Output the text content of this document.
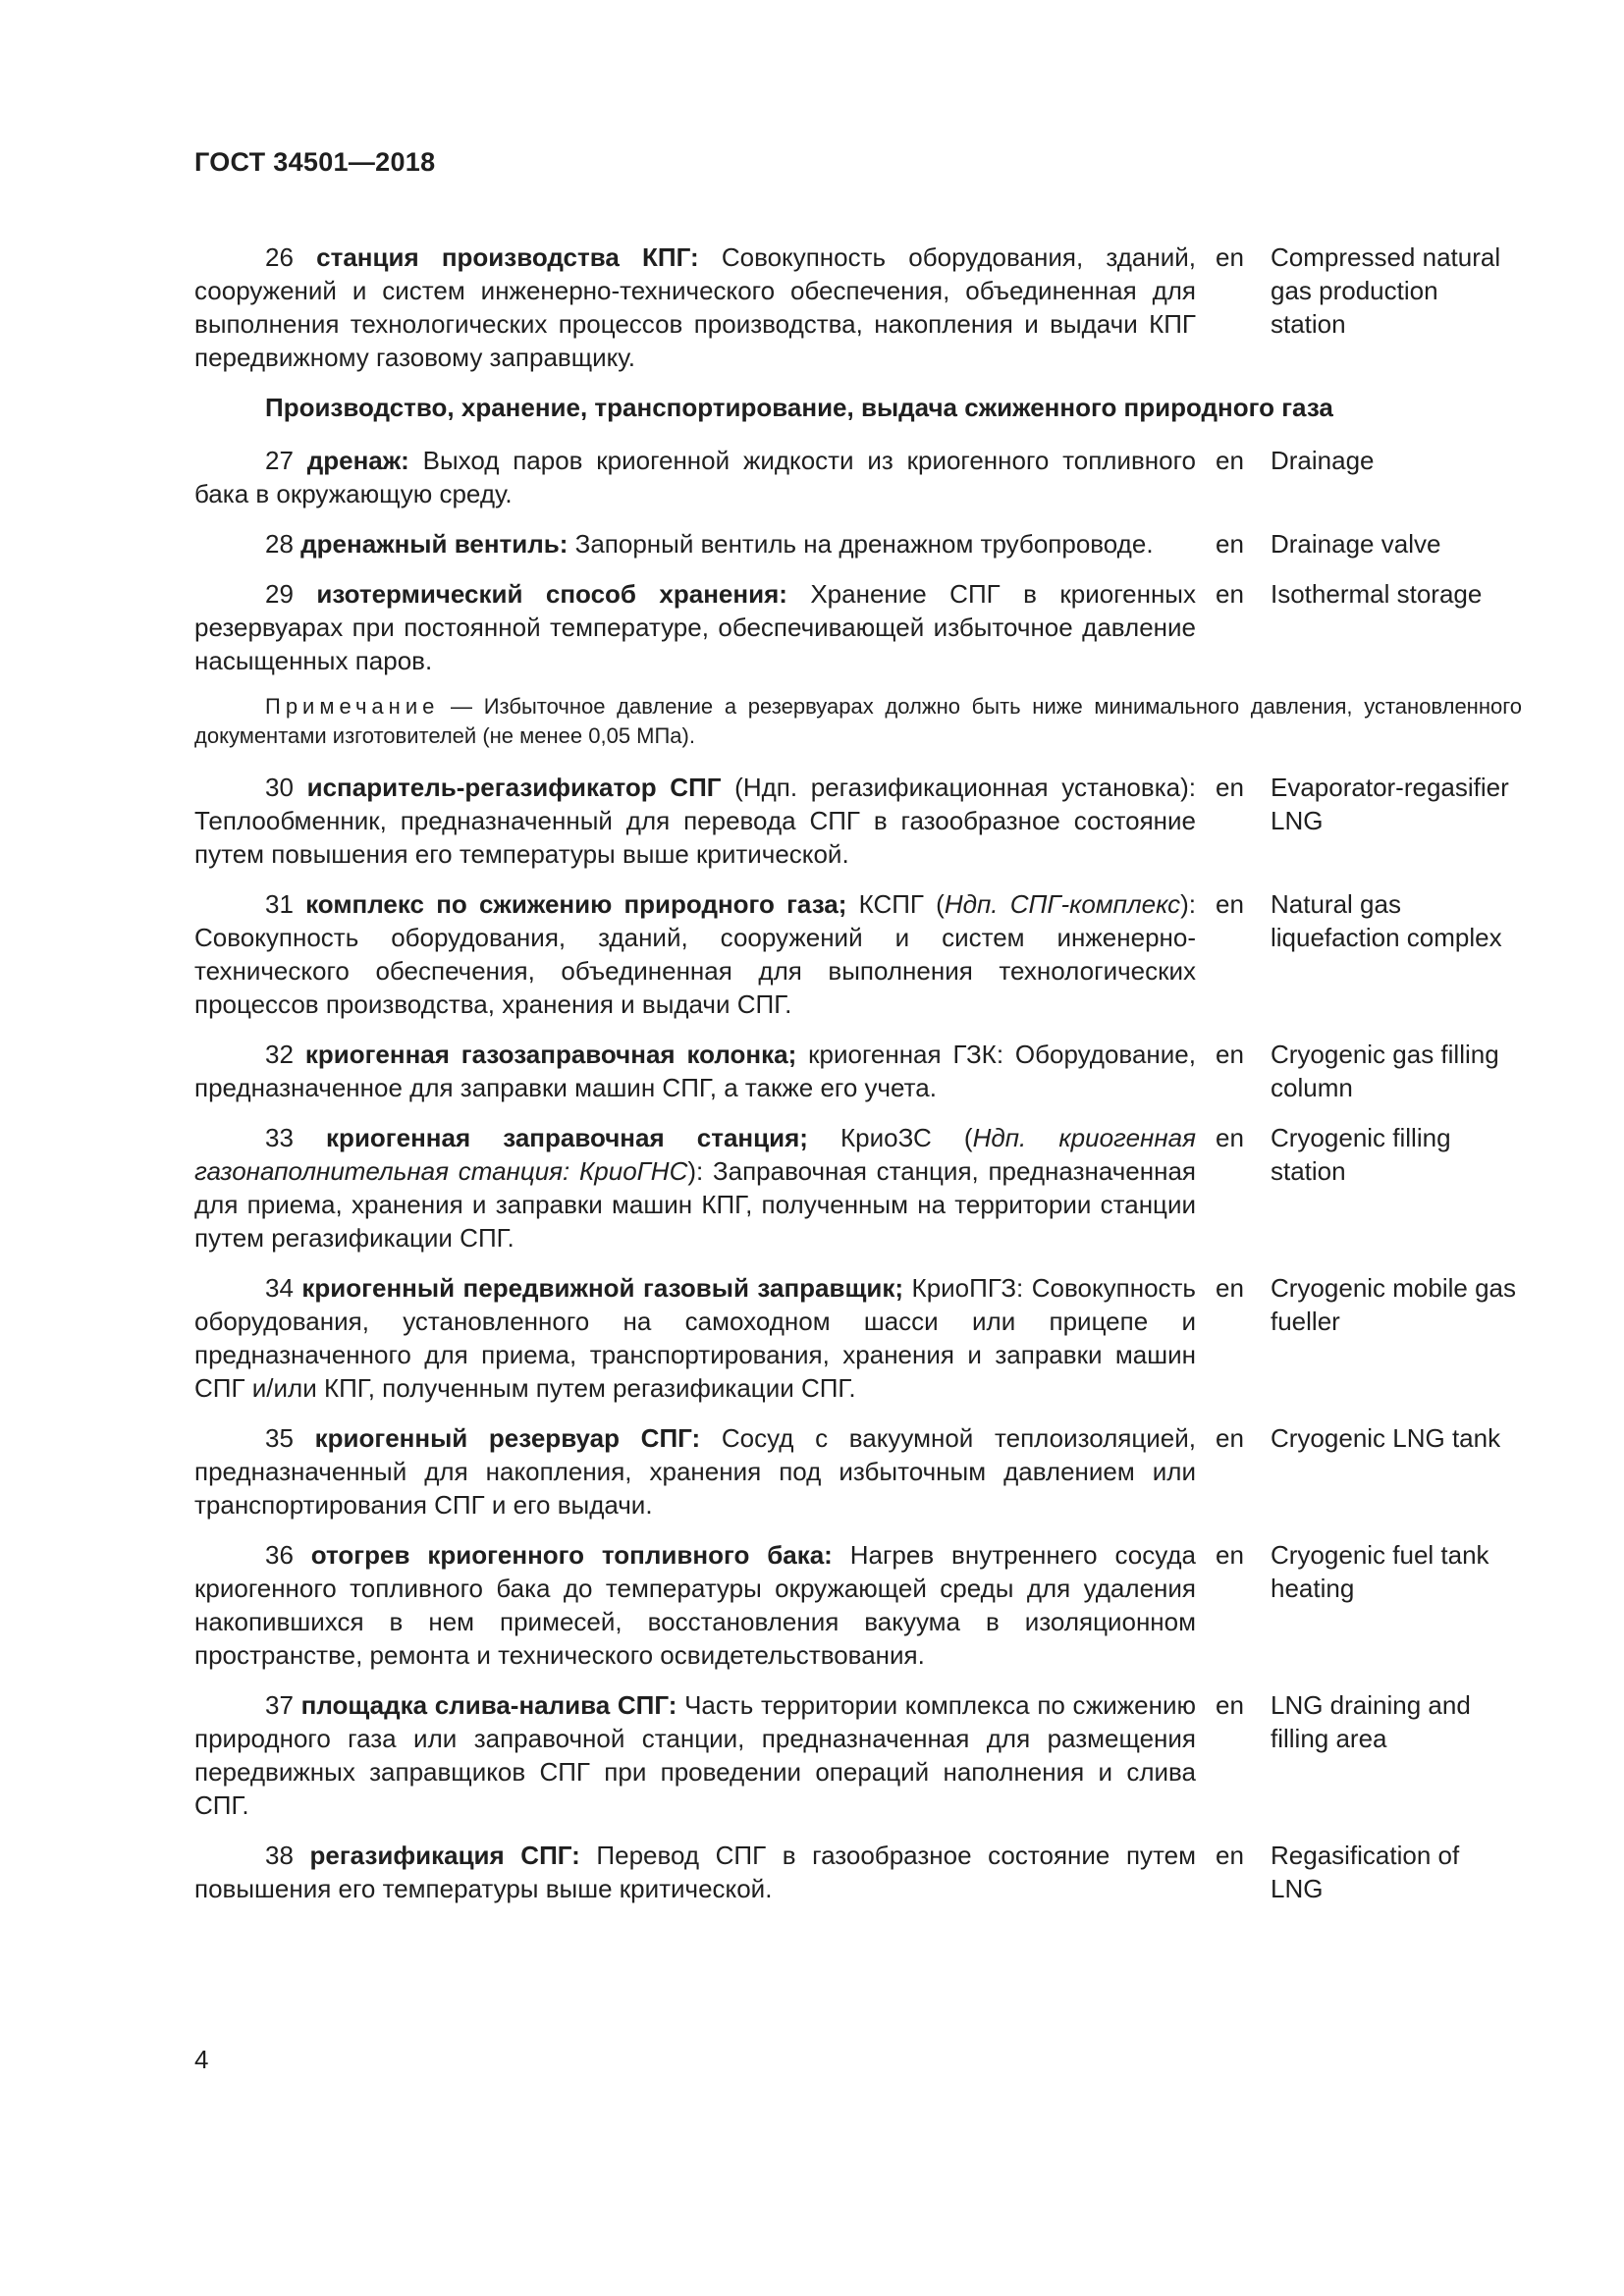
ГОСТ 34501—2018
26 станция производства КПГ: Совокупность оборудования, зданий, сооружений и систем инженерно-технического обеспечения, объединенная для выполнения технологических процессов производства, накопления и выдачи КПГ передвижному газовому заправщику.
en	Compressed natural gas production station
Производство, хранение, транспортирование, выдача сжиженного природного газа
27 дренаж: Выход паров криогенной жидкости из криогенного топливного бака в окружающую среду.
en	Drainage
28 дренажный вентиль: Запорный вентиль на дренажном трубопроводе.	en	Drainage valve
29 изотермический способ хранения: Хранение СПГ в криогенных резервуарах при постоянной температуре, обеспечивающей избыточное давление насыщенных паров.
en	Isothermal storage
Примечание — Избыточное давление а резервуарах должно быть ниже минимального давления, установленного документами изготовителей (не менее 0,05 МПа).
30 испаритель-регазификатор СПГ (Ндп. регазификационная установка): Теплообменник, предназначенный для перевода СПГ в газообразное состояние путем повышения его температуры выше критической.
en	Evaporator-regasifier LNG
31 комплекс по сжижению природного газа; КСПГ (Ндп. СПГ-комплекс): Совокупность оборудования, зданий, сооружений и систем инженерно-технического обеспечения, объединенная для выполнения технологических процессов производства, хранения и выдачи СПГ.
en	Natural gas liquefaction complex
32 криогенная газозаправочная колонка; криогенная ГЗК: Оборудование, предназначенное для заправки машин СПГ, а также его учета.
en	Cryogenic gas filling column
33 криогенная заправочная станция; КриоЗС (Ндп. криогенная газонаполнительная станция: КриоГНС): Заправочная станция, предназначенная для приема, хранения и заправки машин КПГ, полученным на территории станции путем регазификации СПГ.
en	Cryogenic filling station
34 криогенный передвижной газовый заправщик; КриоПГЗ: Совокупность оборудования, установленного на самоходном шасси или прицепе и предназначенного для приема, транспортирования, хранения и заправки машин СПГ и/или КПГ, полученным путем регазификации СПГ.
en	Cryogenic mobile gas fueller
35 криогенный резервуар СПГ: Сосуд с вакуумной теплоизоляцией, предназначенный для накопления, хранения под избыточным давлением или транспортирования СПГ и его выдачи.
en	Cryogenic LNG tank
36 отогрев криогенного топливного бака: Нагрев внутреннего сосуда криогенного топливного бака до температуры окружающей среды для удаления накопившихся в нем примесей, восстановления вакуума в изоляционном пространстве, ремонта и технического освидетельствования.
en	Cryogenic fuel tank heating
37 площадка слива-налива СПГ: Часть территории комплекса по сжижению природного газа или заправочной станции, предназначенная для размещения передвижных заправщиков СПГ при проведении операций наполнения и слива СПГ.
en	LNG draining and filling area
38 регазификация СПГ: Перевод СПГ в газообразное состояние путем повышения его температуры выше критической.
en	Regasification of LNG
4
